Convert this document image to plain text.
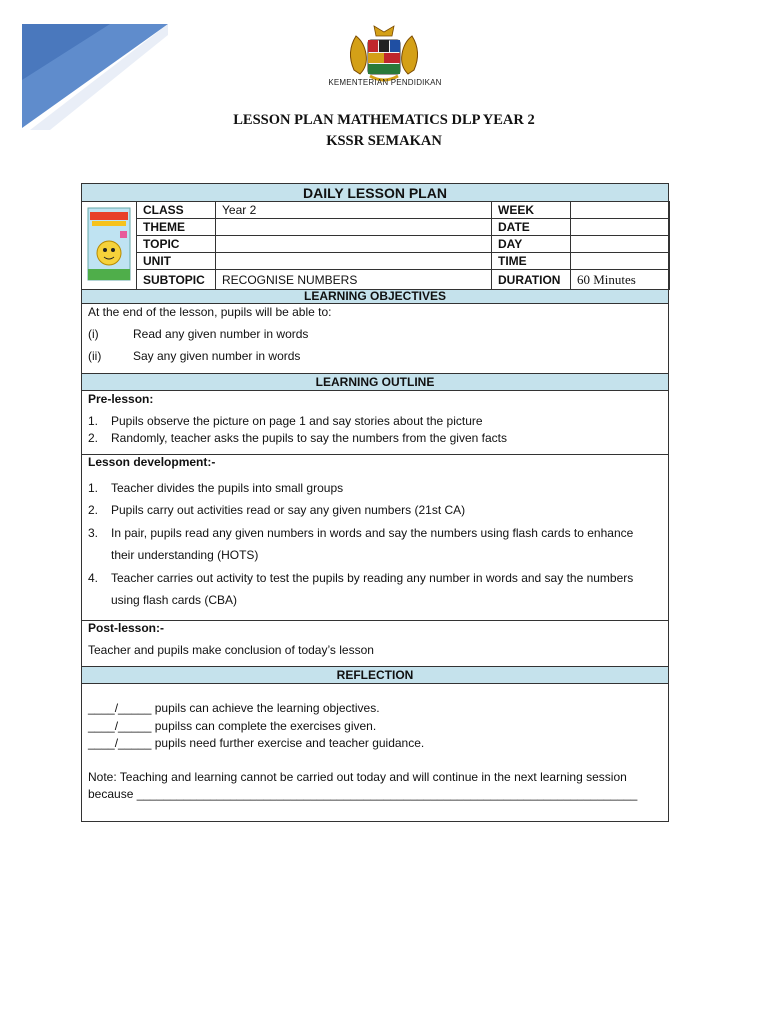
KEMENTERIAN PENDIDIKAN
LESSON PLAN MATHEMATICS DLP YEAR 2
KSSR SEMAKAN
DAILY LESSON PLAN
	CLASS	Year 2	WEEK	
	THEME		DATE	
	TOPIC		DAY	
	UNIT		TIME	
	SUBTOPIC	RECOGNISE NUMBERS	DURATION	60 Minutes
LEARNING OBJECTIVES
At the end of the lesson, pupils will be able to:
(i)	Read any given number in words
(ii)	Say any given number in words
LEARNING OUTLINE
Pre-lesson:
1. Pupils observe the picture on page 1 and say stories about the picture
2. Randomly, teacher asks the pupils to say the numbers from the given facts
Lesson development:-
1. Teacher divides the pupils into small groups
2. Pupils carry out activities read or say any given numbers (21st CA)
3. In pair, pupils read any given numbers in words and say the numbers using flash cards to enhance
their understanding (HOTS)
4. Teacher carries out activity to test the pupils by reading any number in words and say the numbers
using flash cards (CBA)
Post-lesson:-
Teacher and pupils make conclusion of today’s lesson
REFLECTION
____/_____ pupils can achieve the learning objectives.
____/_____ pupilss can complete the exercises given.
____/_____ pupils need further exercise and teacher guidance.
Note: Teaching and learning cannot be carried out today and will continue in the next learning session
because ___________________________________________________________________________
